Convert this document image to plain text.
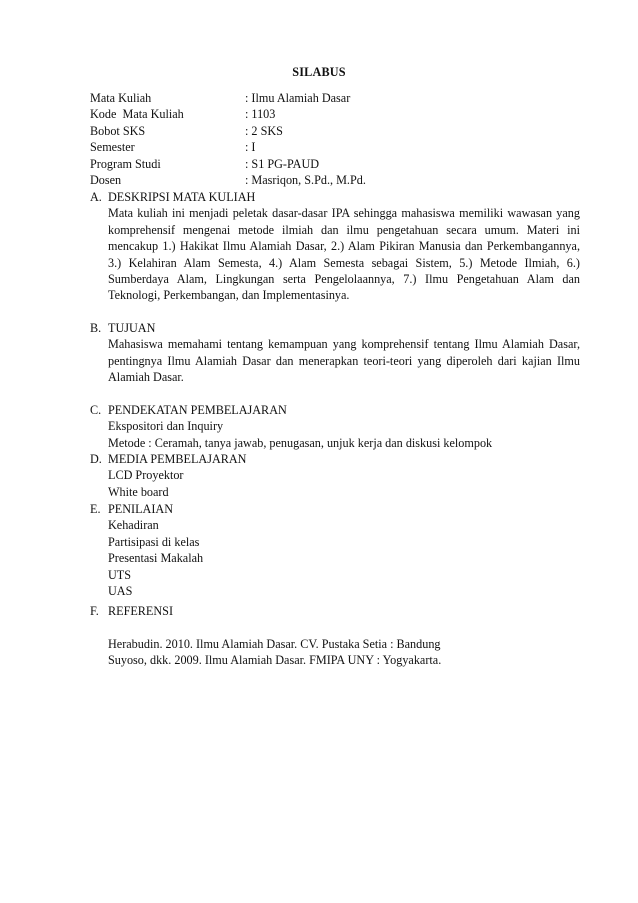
SILABUS
Mata Kuliah	: Ilmu Alamiah Dasar
Kode  Mata Kuliah	: 1103
Bobot SKS	: 2 SKS
Semester	: I
Program Studi	: S1 PG-PAUD
Dosen	: Masriqon, S.Pd., M.Pd.
A. DESKRIPSI MATA KULIAH
Mata kuliah ini menjadi peletak dasar-dasar IPA sehingga mahasiswa memiliki wawasan yang komprehensif mengenai metode ilmiah dan ilmu pengetahuan secara umum. Materi ini mencakup 1.) Hakikat Ilmu Alamiah Dasar, 2.) Alam Pikiran Manusia dan Perkembangannya, 3.) Kelahiran Alam Semesta, 4.) Alam Semesta sebagai Sistem, 5.) Metode Ilmiah, 6.) Sumberdaya Alam, Lingkungan serta Pengelolaannya, 7.) Ilmu Pengetahuan Alam dan Teknologi, Perkembangan, dan Implementasinya.
B. TUJUAN
Mahasiswa memahami tentang kemampuan yang komprehensif tentang Ilmu Alamiah Dasar, pentingnya Ilmu Alamiah Dasar dan menerapkan teori-teori yang diperoleh dari kajian Ilmu Alamiah Dasar.
C. PENDEKATAN PEMBELAJARAN
Ekspositori dan Inquiry
Metode : Ceramah, tanya jawab, penugasan, unjuk kerja dan diskusi kelompok
D. MEDIA PEMBELAJARAN
LCD Proyektor
White board
E. PENILAIAN
Kehadiran
Partisipasi di kelas
Presentasi Makalah
UTS
UAS
F. REFERENSI
Herabudin. 2010. Ilmu Alamiah Dasar. CV. Pustaka Setia : Bandung
Suyoso, dkk. 2009. Ilmu Alamiah Dasar. FMIPA UNY : Yogyakarta.
